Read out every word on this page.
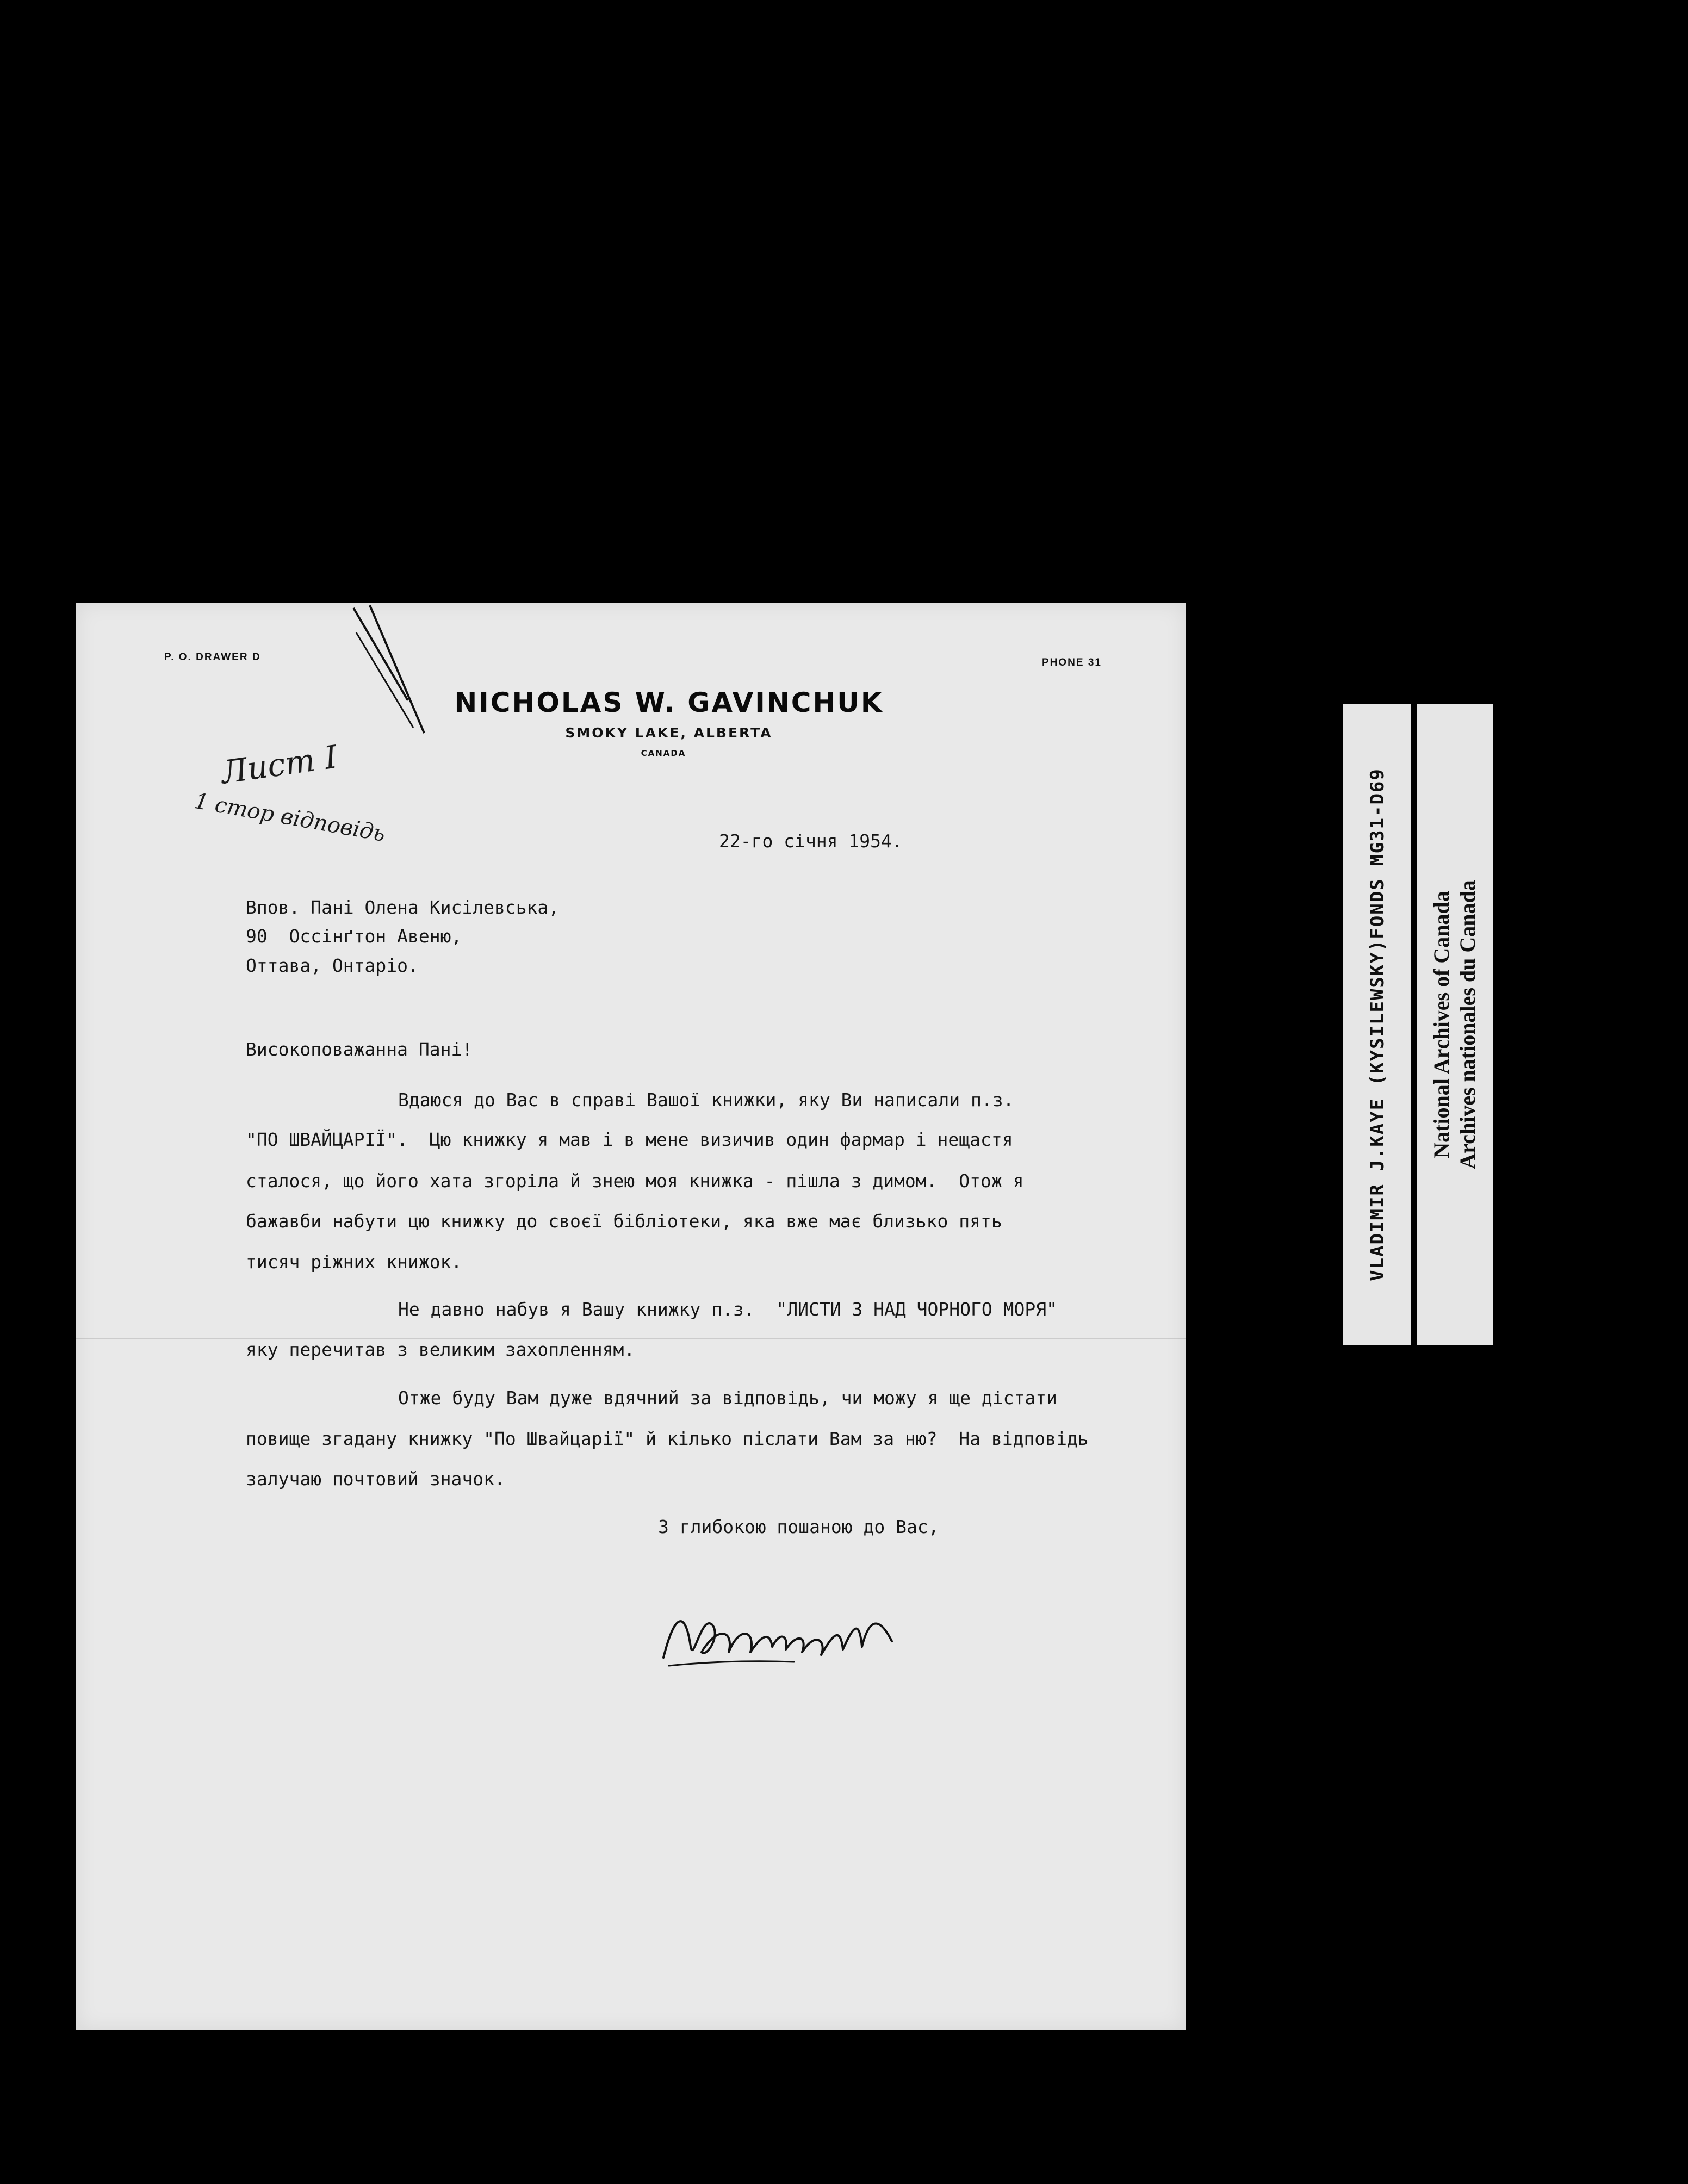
P. O. DRAWER D	PHONE 31
NICHOLAS W. GAVINCHUK
SMOKY LAKE, ALBERTA
CANADA
Лист I
1 стор відповідь	22-го січня 1954.
Впов. Пані Олена Кисілевська,
90  Оссінґтон Авеню,
Оттава, Онтаріо.
Високоповажанна Пані!
Вдаюся до Вас в справі Вашої книжки, яку Ви написали п.з.
"ПО ШВАЙЦАРІЇ".  Цю книжку я мав і в мене визичив один фармар і нещастя
сталося, що його хата згоріла й знею моя книжка - пішла з димом.  Отож я
бажавби набути цю книжку до своєї бібліотеки, яка вже має близько пять
тисяч ріжних книжок.
Не давно набув я Вашу книжку п.з.  "ЛИСТИ З НАД ЧОРНОГО МОРЯ"
яку перечитав з великим захопленням.
Отже буду Вам дуже вдячний за відповідь, чи можу я ще дістати
повище згадану книжку "По Швайцарії" й кілько післати Вам за ню?  На відповідь
залучаю почтовий значок.
З глибокою пошаною до Вас,
VLADIMIR J.KAYE (KYSILEWSKY)FONDS MG31-D69 National Archives of Canada Archives nationales du Canada
